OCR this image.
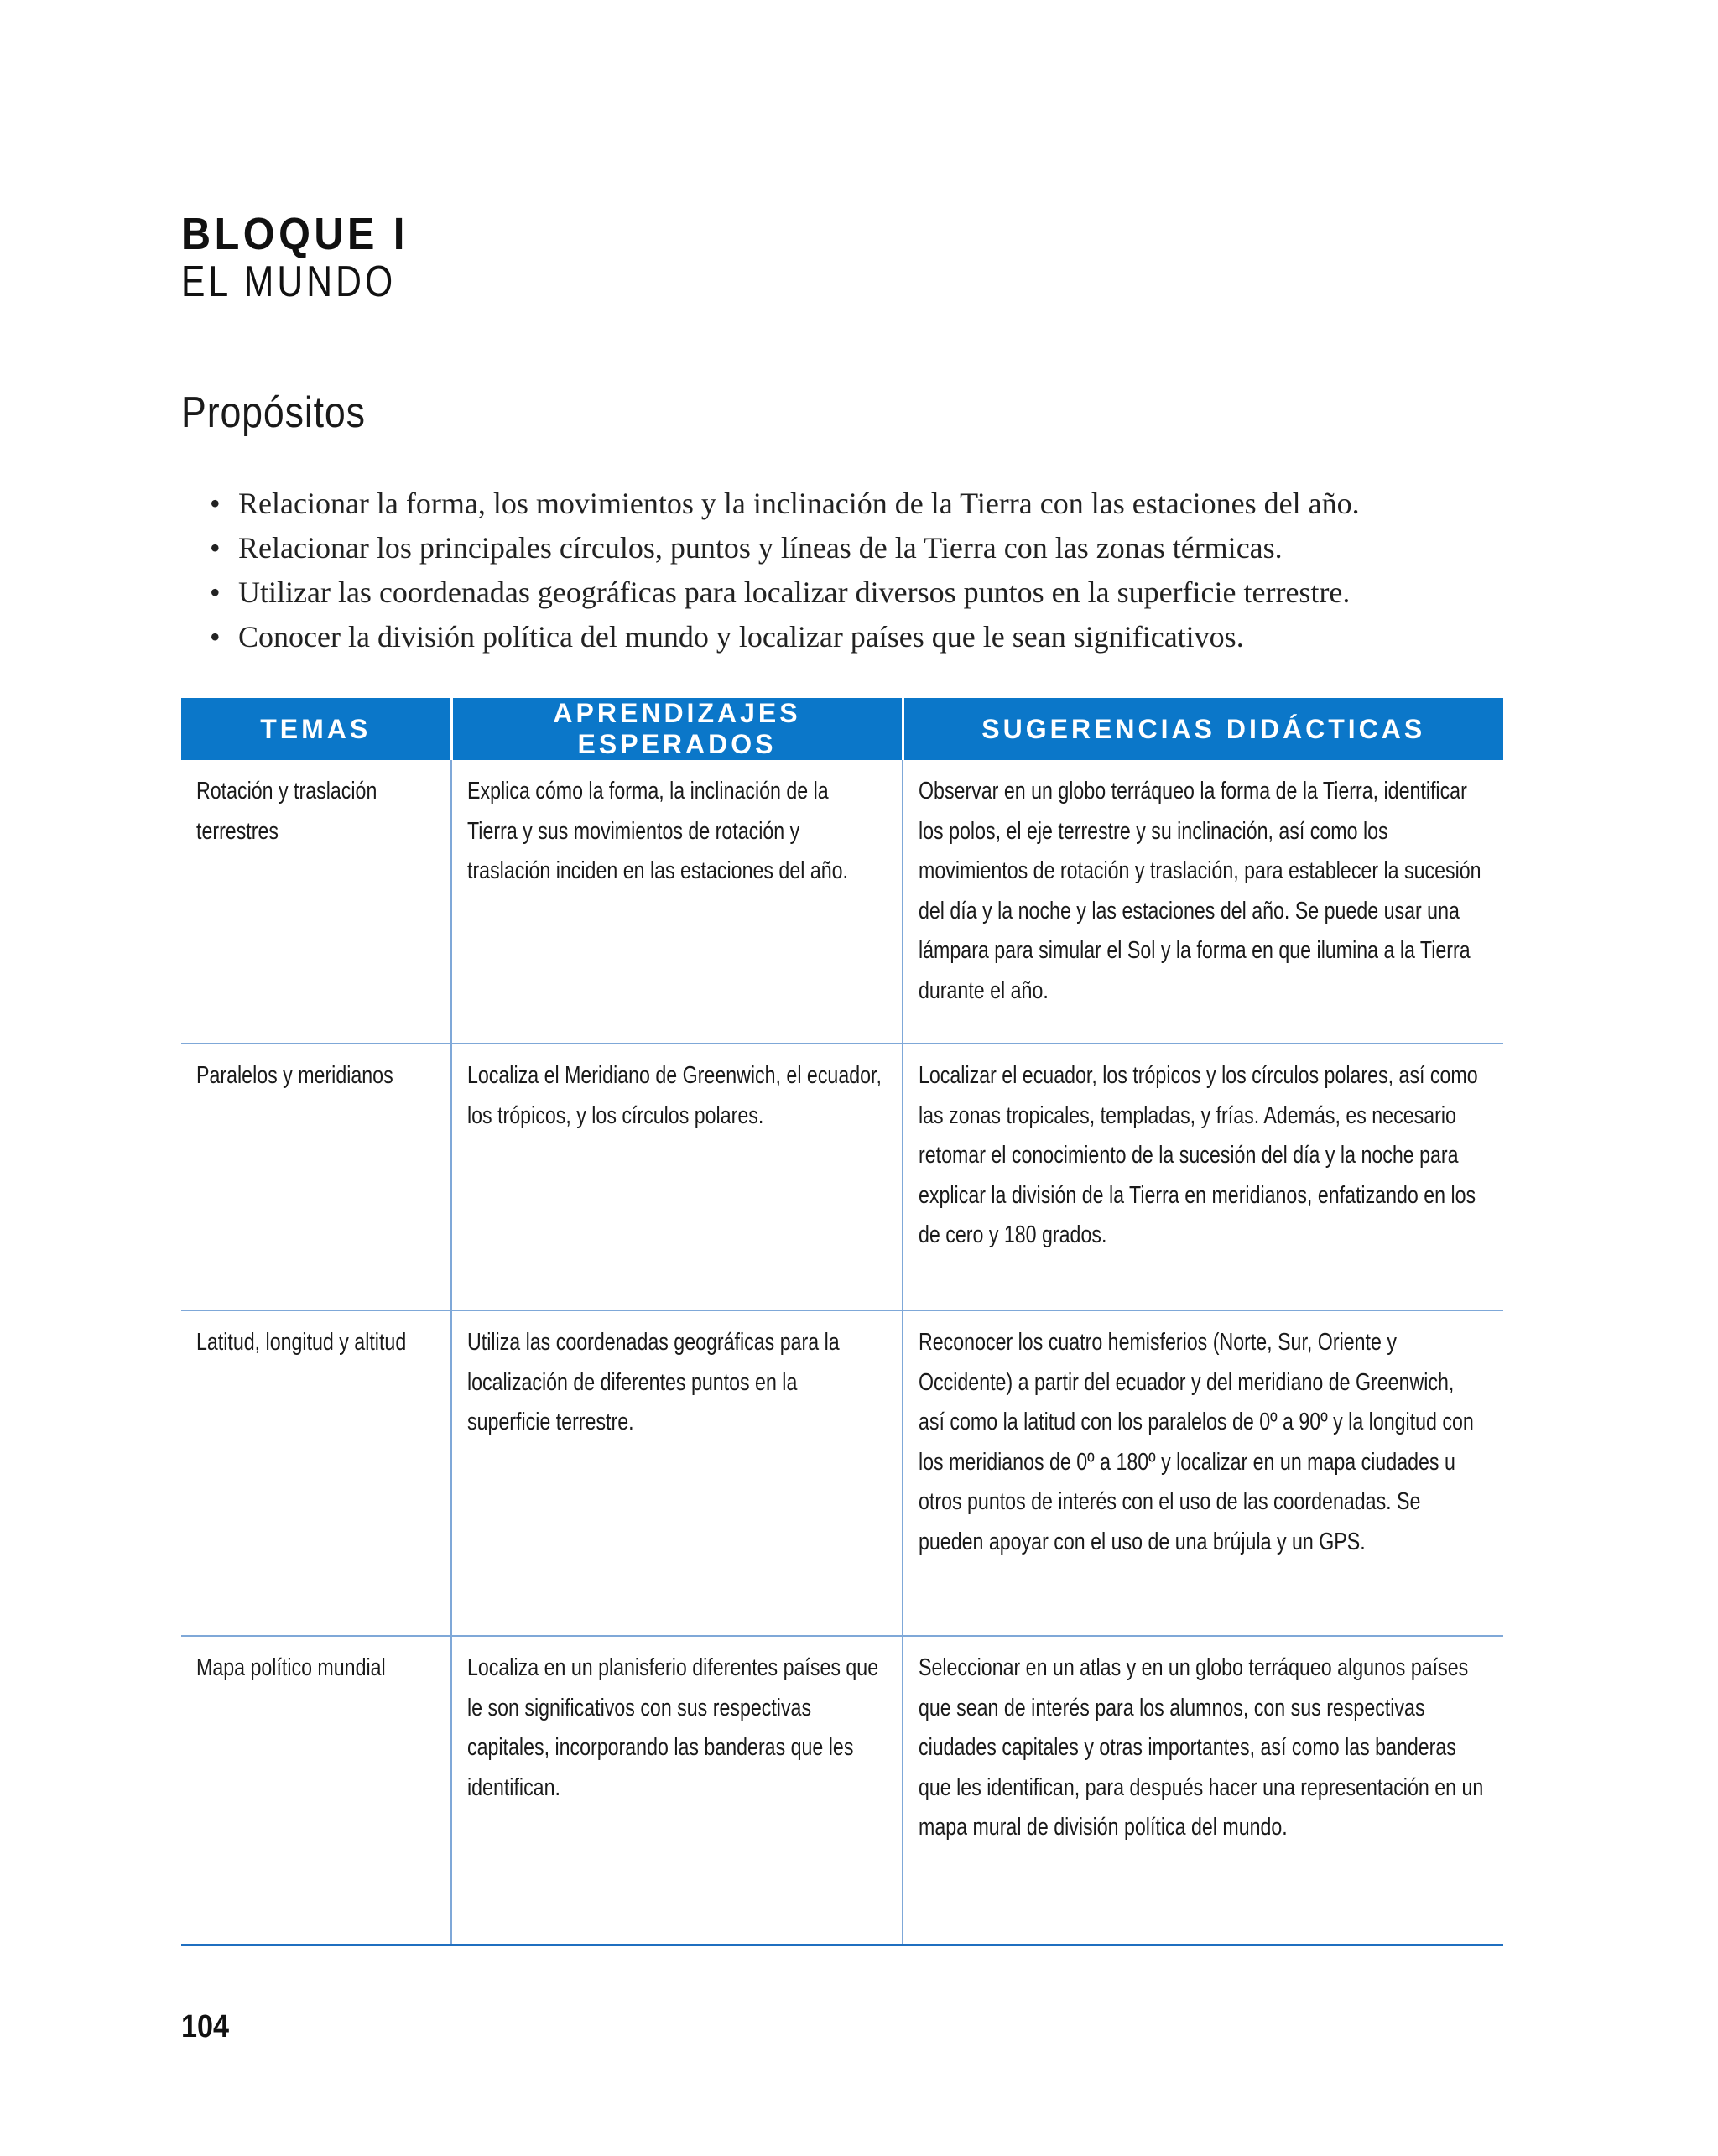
BLOQUE I
EL MUNDO
Propósitos
• Relacionar la forma, los movimientos y la inclinación de la Tierra con las estaciones del año.
• Relacionar los principales círculos, puntos y líneas de la Tierra con las zonas térmicas.
• Utilizar las coordenadas geográficas para localizar diversos puntos en la superficie terrestre.
• Conocer la división política del mundo y localizar países que le sean significativos.
TEMAS	APRENDIZAJES ESPERADOS	SUGERENCIAS DIDÁCTICAS

Rotación y traslación terrestres	Explica cómo la forma, la inclinación de la Tierra y sus movimientos de rotación y traslación inciden en las estaciones del año.	Observar en un globo terráqueo la forma de la Tierra, identificar los polos, el eje terrestre y su inclinación, así como los movimientos de rotación y traslación, para establecer la sucesión del día y la noche y las estaciones del año. Se puede usar una lámpara para simular el Sol y la forma en que ilumina a la Tierra durante el año.

Paralelos y meridianos	Localiza el Meridiano de Greenwich, el ecuador, los trópicos, y los círculos polares.	Localizar el ecuador, los trópicos y los círculos polares, así como las zonas tropicales, templadas, y frías. Además, es necesario retomar el conocimiento de la sucesión del día y la noche para explicar la división de la Tierra en meridianos, enfatizando en los de cero y 180 grados.

Latitud, longitud y altitud	Utiliza las coordenadas geográficas para la localización de diferentes puntos en la superficie terrestre.	Reconocer los cuatro hemisferios (Norte, Sur, Oriente y Occidente) a partir del ecuador y del meridiano de Greenwich, así como la latitud con los paralelos de 0º a 90º y la longitud con los meridianos de 0º a 180º y localizar en un mapa ciudades u otros puntos de interés con el uso de las coordenadas. Se pueden apoyar con el uso de una brújula y un GPS.

Mapa político mundial	Localiza en un planisferio diferentes países que le son significativos con sus respectivas capitales, incorporando las banderas que les identifican.	Seleccionar en un atlas y en un globo terráqueo algunos países que sean de interés para los alumnos, con sus respectivas ciudades capitales y otras importantes, así como las banderas que les identifican, para después hacer una representación en un mapa mural de división política del mundo.
104
